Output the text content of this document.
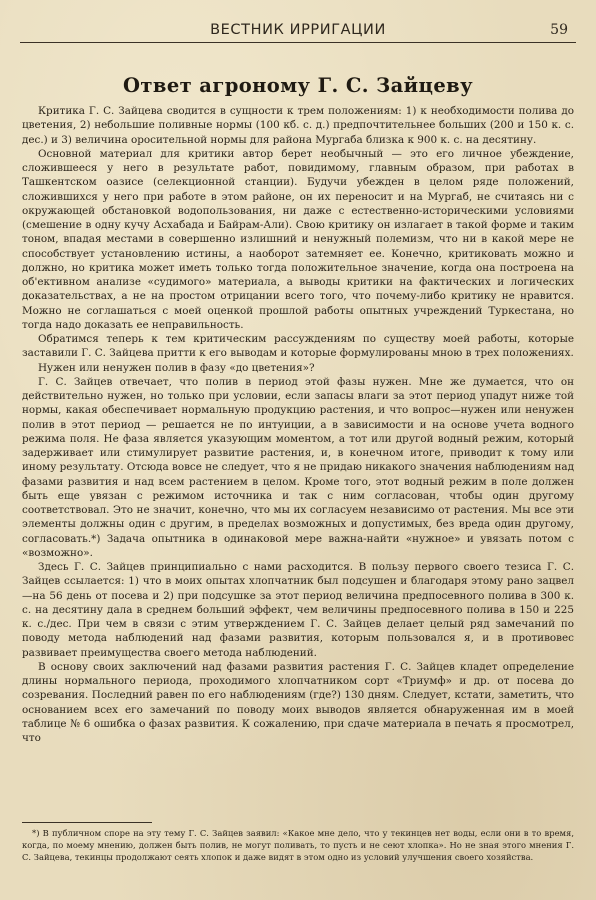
ВЕСТНИК ИРРИГАЦИИ	59
Ответ агроному Г. С. Зайцеву

Критика Г. С. Зайцева сводится в сущности к трем положениям: 1) к необходимости полива до цветения, 2) небольшие поливные нормы (100 кб. с. д.) предпочтительнее больших (200 и 150 к. с. дес.) и 3) величина оросительной нормы для района Мургаба близка к 900 к. с. на десятину.

Основной материал для критики автор берет необычный — это его личное убеждение, сложившееся у него в результате работ, повидимому, главным образом, при работах в Ташкентском оазисе (селекционной станции). Будучи убежден в целом ряде положений, сложившихся у него при работе в этом районе, он их переносит и на Мургаб, не считаясь ни с окружающей обстановкой водопользования, ни даже с естественно-историческими условиями (смешение в одну кучу Асхабада и Байрам-Али). Свою критику он излагает в такой форме и таким тоном, впадая местами в совершенно излишний и ненужный полемизм, что ни в какой мере не способствует установлению истины, а наоборот затемняет ее. Конечно, критиковать можно и должно, но критика может иметь только тогда положительное значение, когда она построена на об'ективном анализе «судимого» материала, а выводы критики на фактических и логических доказательствах, а не на простом отрицании всего того, что почему-либо критику не нравится. Можно не соглашаться с моей оценкой прошлой работы опытных учреждений Туркестана, но тогда надо доказать ее неправильность.

Обратимся теперь к тем критическим рассуждениям по существу моей работы, которые заставили Г. С. Зайцева притти к его выводам и которые формулированы мною в трех положениях.

Нужен или ненужен полив в фазу «до цветения»?

Г. С. Зайцев отвечает, что полив в период этой фазы нужен. Мне же думается, что он действительно нужен, но только при условии, если запасы влаги за этот период упадут ниже той нормы, какая обеспечивает нормальную продукцию растения, и что вопрос—нужен или ненужен полив в этот период — решается не по интуиции, а в зависимости и на основе учета водного режима поля. Не фаза является указующим моментом, а тот или другой водный режим, который задерживает или стимулирует развитие растения, и, в конечном итоге, приводит к тому или иному результату. Отсюда вовсе не следует, что я не придаю никакого значения наблюдениям над фазами развития и над всем растением в целом. Кроме того, этот водный режим в поле должен быть еще увязан с режимом источника и так с ним согласован, чтобы один другому соответствовал. Это не значит, конечно, что мы их согласуем независимо от растения. Мы все эти элементы должны один с другим, в пределах возможных и допустимых, без вреда один другому, согласовать.*) Задача опытника в одинаковой мере важна-найти «нужное» и увязать потом с «возможно».

Здесь Г. С. Зайцев принципиально с нами расходится. В пользу первого своего тезиса Г. С. Зайцев ссылается: 1) что в моих опытах хлопчатник был подсушен и благодаря этому рано зацвел—на 56 день от посева и 2) при подсушке за этот период величина предпосевного полива в 300 к. с. на десятину дала в среднем больший эффект, чем величины предпосевного полива в 150 и 225 к. с./дес. При чем в связи с этим утверждением Г. С. Зайцев делает целый ряд замечаний по поводу метода наблюдений над фазами развития, которым пользовался я, и в противовес развивает преимущества своего метода наблюдений.

В основу своих заключений над фазами развития растения Г. С. Зайцев кладет определение длины нормального периода, проходимого хлопчатником сорт «Триумф» и др. от посева до созревания. Последний равен по его наблюдениям (где?) 130 дням. Следует, кстати, заметить, что основанием всех его замечаний по поводу моих выводов является обнаруженная им в моей таблице № 6 ошибка о фазах развития. К сожалению, при сдаче материала в печать я просмотрел, что

*) В публичном споре на эту тему Г. С. Зайцев заявил: «Какое мне дело, что у текинцев нет воды, если они в то время, когда, по моему мнению, должен быть полив, не могут поливать, то пусть и не сеют хлопка». Но не зная этого мнения Г. С. Зайцева, текинцы продолжают сеять хлопок и даже видят в этом одно из условий улучшения своего хозяйства.
